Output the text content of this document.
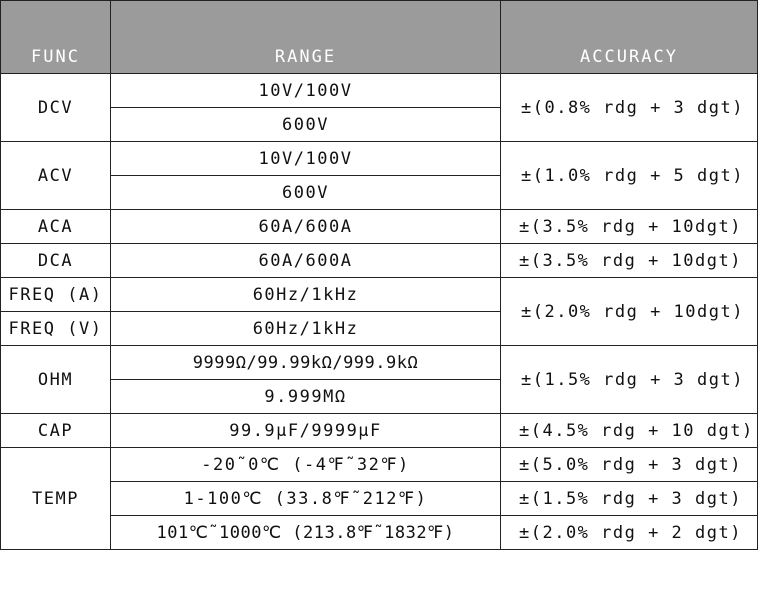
FUNC	RANGE	ACCURACY
DCV	10V/100V	±(0.8% rdg + 3 dgt)
	600V	
ACV	10V/100V	±(1.0% rdg + 5 dgt)
	600V	
ACA	60A/600A	±(3.5% rdg + 10dgt)
DCA	60A/600A	±(3.5% rdg + 10dgt)
FREQ (A)	60Hz/1kHz	±(2.0% rdg + 10dgt)
FREQ (V)	60Hz/1kHz	
OHM	9999Ω/99.99kΩ/999.9kΩ	±(1.5% rdg + 3 dgt)
	9.999MΩ	
CAP	99.9μF/9999μF	±(4.5% rdg + 10 dgt)
TEMP	-20˜0℃ (-4℉˜32℉)	±(5.0% rdg + 3 dgt)
	1-100℃ (33.8℉˜212℉)	±(1.5% rdg + 3 dgt)
	101℃˜1000℃ (213.8℉˜1832℉)	±(2.0% rdg + 2 dgt)
